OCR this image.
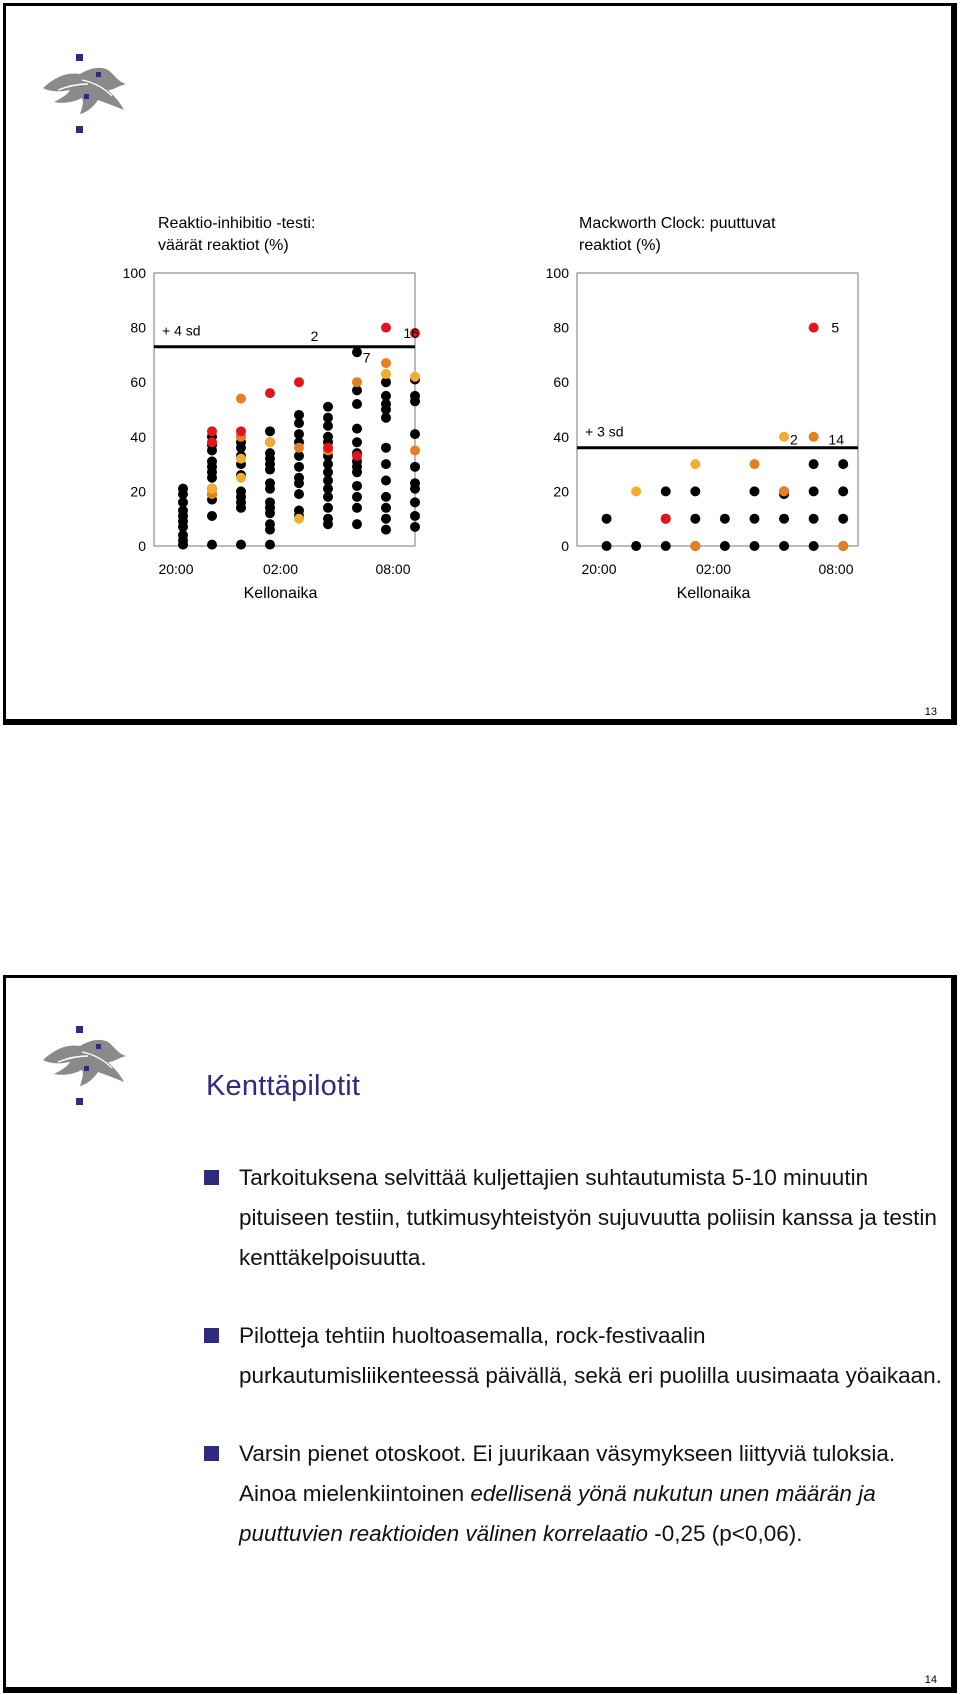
Reaktio-inhibitio -testi:
väärät reaktiot (%)
0
20
40
60
80
100
20:00	02:00	08:00
Kellonaika
+ 4 sd	2
7
16
Mackworth Clock: puuttuvat
reaktiot (%)
0
20
40
60
80
100
20:00	02:00	08:00
Kellonaika
+ 3 sd	2 14
5
13
Kenttäpilotit
Tarkoituksena selvittää kuljettajien suhtautumista 5-10 minuutin pituiseen testiin, tutkimusyhteistyön sujuvuutta poliisin kanssa ja testin kenttäkelpoisuutta.
Pilotteja tehtiin huoltoasemalla, rock-festivaalin purkautumisliikenteessä päivällä, sekä eri puolilla uusimaata yöaikaan.
Varsin pienet otoskoot. Ei juurikaan väsymykseen liittyviä tuloksia. Ainoa mielenkiintoinen edellisenä yönä nukutun unen määrän ja puuttuvien reaktioiden välinen korrelaatio -0,25 (p<0,06).
14
